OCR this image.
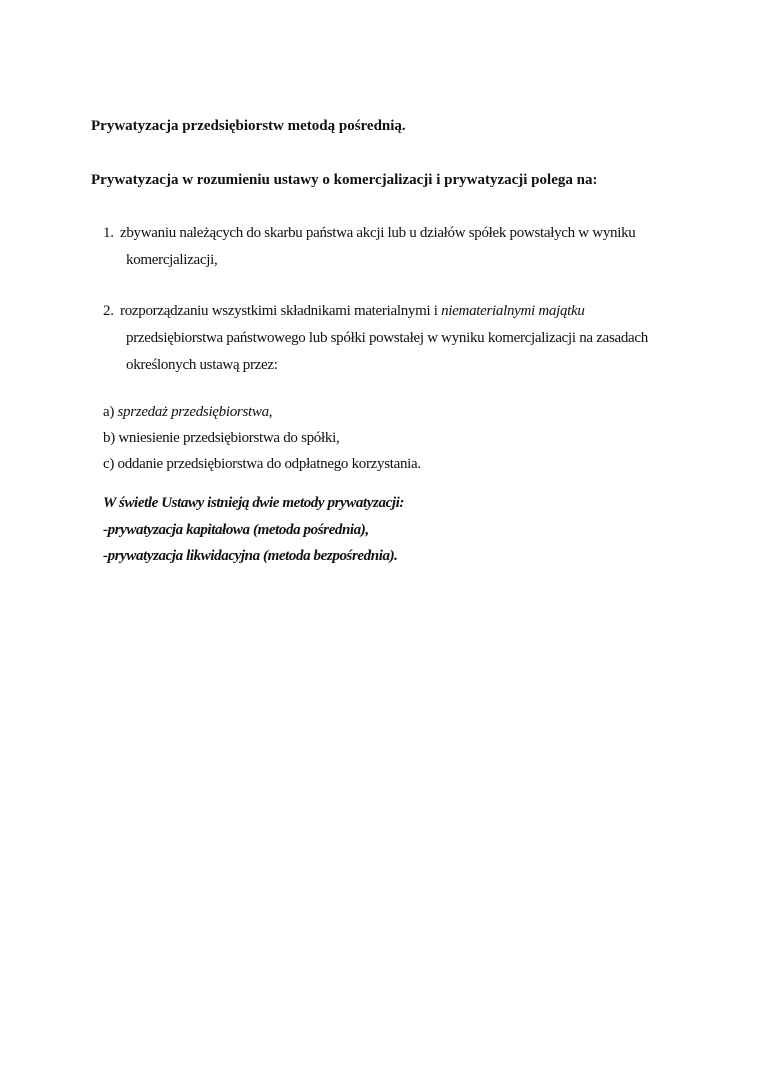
Prywatyzacja przedsiębiorstw metodą pośrednią.
Prywatyzacja w rozumieniu ustawy o komercjalizacji i prywatyzacji polega na:
1. zbywaniu należących do skarbu państwa akcji lub u działów spółek powstałych w wyniku
komercjalizacji,
2. rozporządzaniu wszystkimi składnikami materialnymi i niematerialnymi majątku
przedsiębiorstwa państwowego lub spółki powstałej w wyniku komercjalizacji na zasadach
określonych ustawą przez:
a) sprzedaż przedsiębiorstwa,
b) wniesienie przedsiębiorstwa do spółki,
c) oddanie przedsiębiorstwa do odpłatnego korzystania.
W świetle Ustawy istnieją dwie metody prywatyzacji:
-prywatyzacja kapitałowa (metoda pośrednia),
-prywatyzacja likwidacyjna (metoda bezpośrednia).
